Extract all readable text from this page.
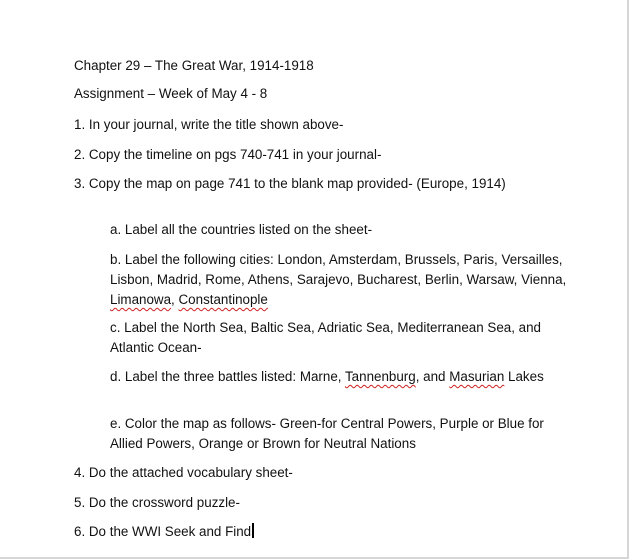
Chapter 29 – The Great War, 1914-1918
Assignment – Week of May 4 - 8
1. In your journal, write the title shown above-
2. Copy the timeline on pgs 740-741 in your journal-
3. Copy the map on page 741 to the blank map provided- (Europe, 1914)
a. Label all the countries listed on the sheet-
b. Label the following cities: London, Amsterdam, Brussels, Paris, Versailles, Lisbon, Madrid, Rome, Athens, Sarajevo, Bucharest, Berlin, Warsaw, Vienna, Limanowa, Constantinople
c. Label the North Sea, Baltic Sea, Adriatic Sea, Mediterranean Sea, and Atlantic Ocean-
d. Label the three battles listed: Marne, Tannenburg, and Masurian Lakes
e. Color the map as follows- Green-for Central Powers, Purple or Blue for Allied Powers, Orange or Brown for Neutral Nations
4. Do the attached vocabulary sheet-
5. Do the crossword puzzle-
6. Do the WWI Seek and Find
